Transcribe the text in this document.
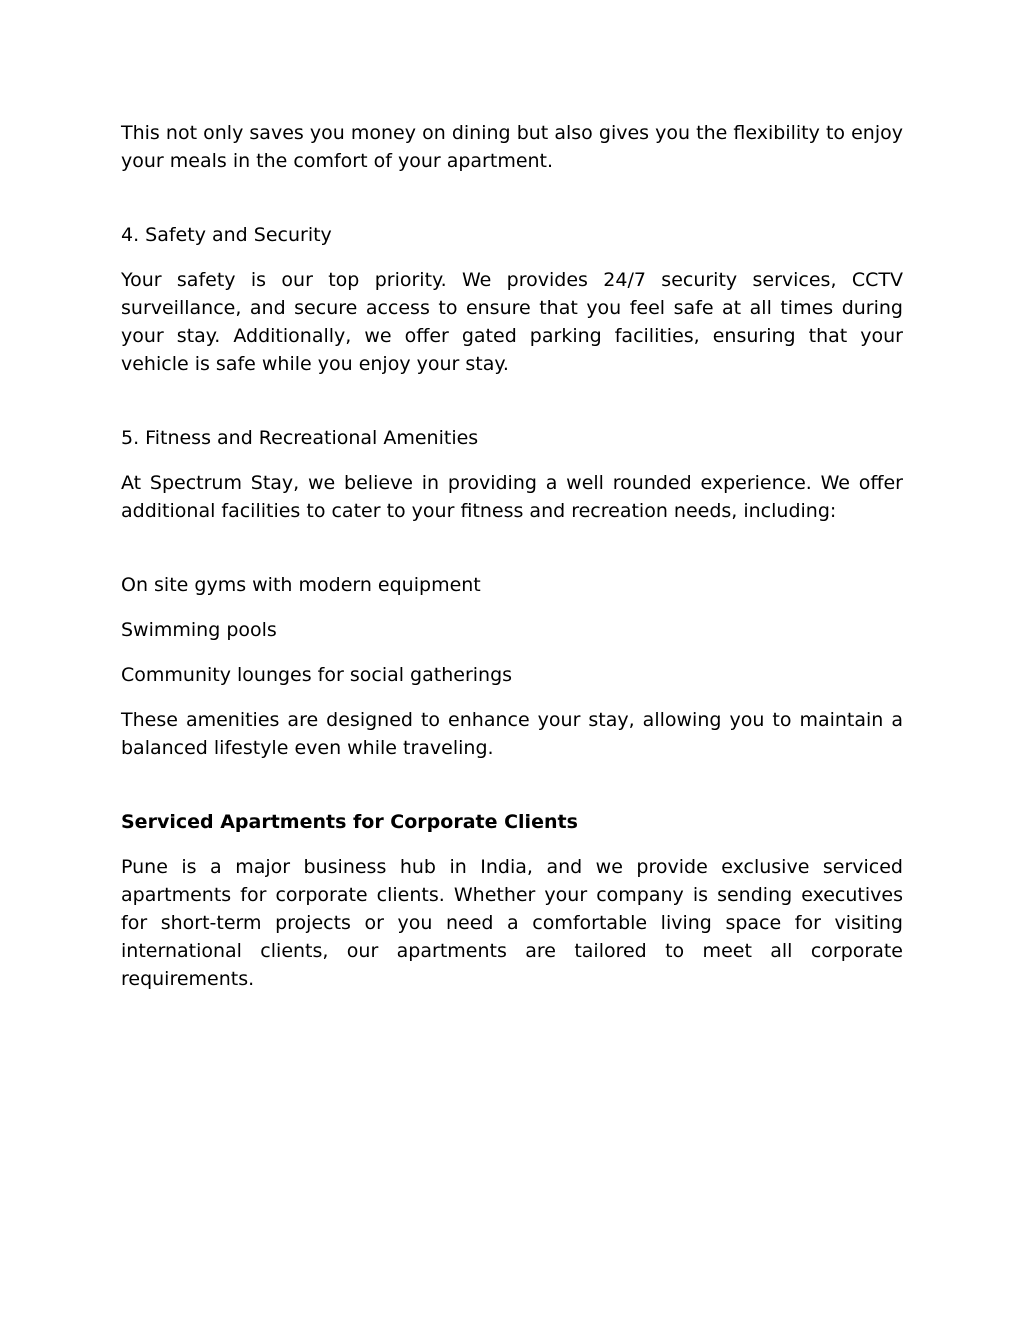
This not only saves you money on dining but also gives you the flexibility to enjoy your meals in the comfort of your apartment.

4. Safety and Security

Your safety is our top priority. We provides 24/7 security services, CCTV surveillance, and secure access to ensure that you feel safe at all times during your stay. Additionally, we offer gated parking facilities, ensuring that your vehicle is safe while you enjoy your stay.

5. Fitness and Recreational Amenities

At Spectrum Stay, we believe in providing a well rounded experience. We offer additional facilities to cater to your fitness and recreation needs, including:

On site gyms with modern equipment

Swimming pools

Community lounges for social gatherings

These amenities are designed to enhance your stay, allowing you to maintain a balanced lifestyle even while traveling.

Serviced Apartments for Corporate Clients

Pune is a major business hub in India, and we provide exclusive serviced apartments for corporate clients. Whether your company is sending executives for short-term projects or you need a comfortable living space for visiting international clients, our apartments are tailored to meet all corporate requirements.
